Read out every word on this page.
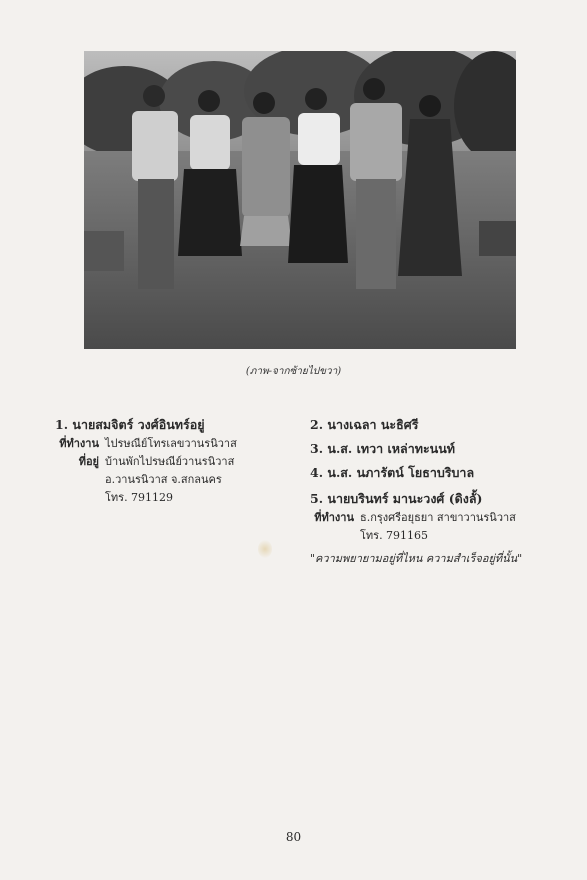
(ภาพ-จากซ้ายไปขวา)
1. นายสมจิตร์ วงศ์อินทร์อยู่
ที่ทำงาน ไปรษณีย์โทรเลขวานรนิวาส
ที่อยู่ บ้านพักไปรษณีย์วานรนิวาส
อ.วานรนิวาส จ.สกลนคร
โทร. 791129
2. นางเฉลา นะธิศรี
3. น.ส. เทวา เหล่าทะนนท์
4. น.ส. นภารัตน์ โยธาบริบาล
5. นายบรินทร์ มานะวงศ์ (ดิงลั้)
ที่ทำงาน ธ.กรุงศรีอยุธยา สาขาวานรนิวาส
โทร. 791165
"ความพยายามอยู่ที่ไหน ความสำเร็จอยู่ที่นั้น"
80
